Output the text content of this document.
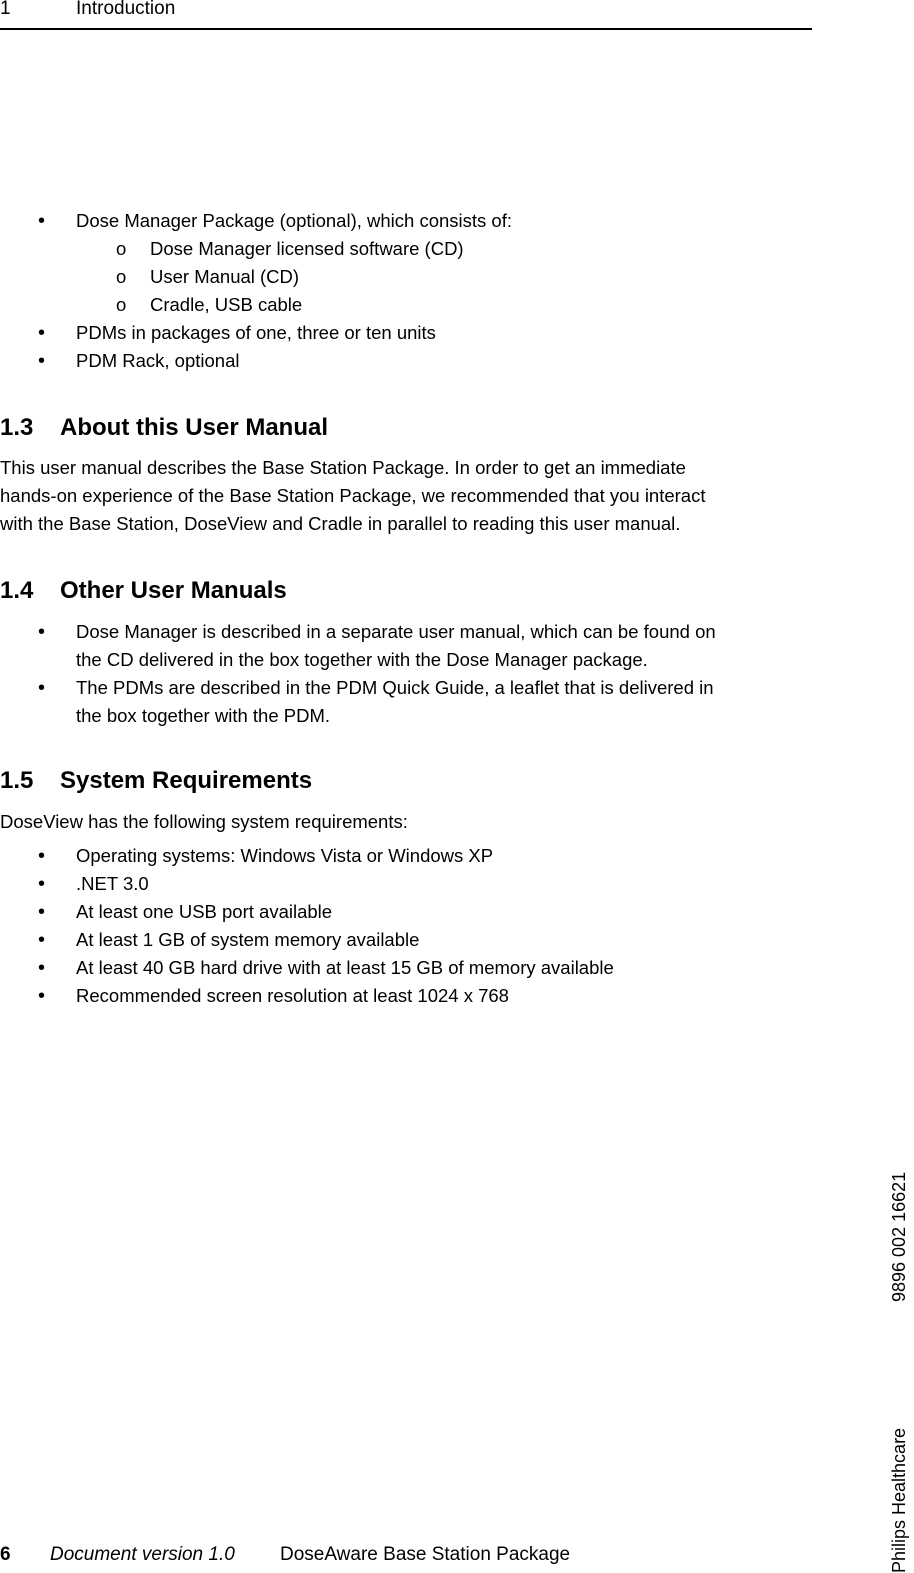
1	Introduction
•	Dose Manager Package (optional), which consists of:
o Dose Manager licensed software (CD)
o User Manual (CD)
o Cradle, USB cable
•	PDMs in packages of one, three or ten units
•	PDM Rack, optional
1.3 About this User Manual
This user manual describes the Base Station Package. In order to get an immediate
hands-on experience of the Base Station Package, we recommended that you interact
with the Base Station, DoseView and Cradle in parallel to reading this user manual.
1.4 Other User Manuals
• Dose Manager is described in a separate user manual, which can be found on
the CD delivered in the box together with the Dose Manager package.
• The PDMs are described in the PDM Quick Guide, a leaflet that is delivered in
the box together with the PDM.
1.5 System Requirements
DoseView has the following system requirements:
•	Operating systems: Windows Vista or Windows XP
•	.NET 3.0
•	At least one USB port available
•	At least 1 GB of system memory available
•	At least 40 GB hard drive with at least 15 GB of memory available
•	Recommended screen resolution at least 1024 x 768
9896 002 16621
Philips Healthcare
6 Document version 1.0 DoseAware Base Station Package
